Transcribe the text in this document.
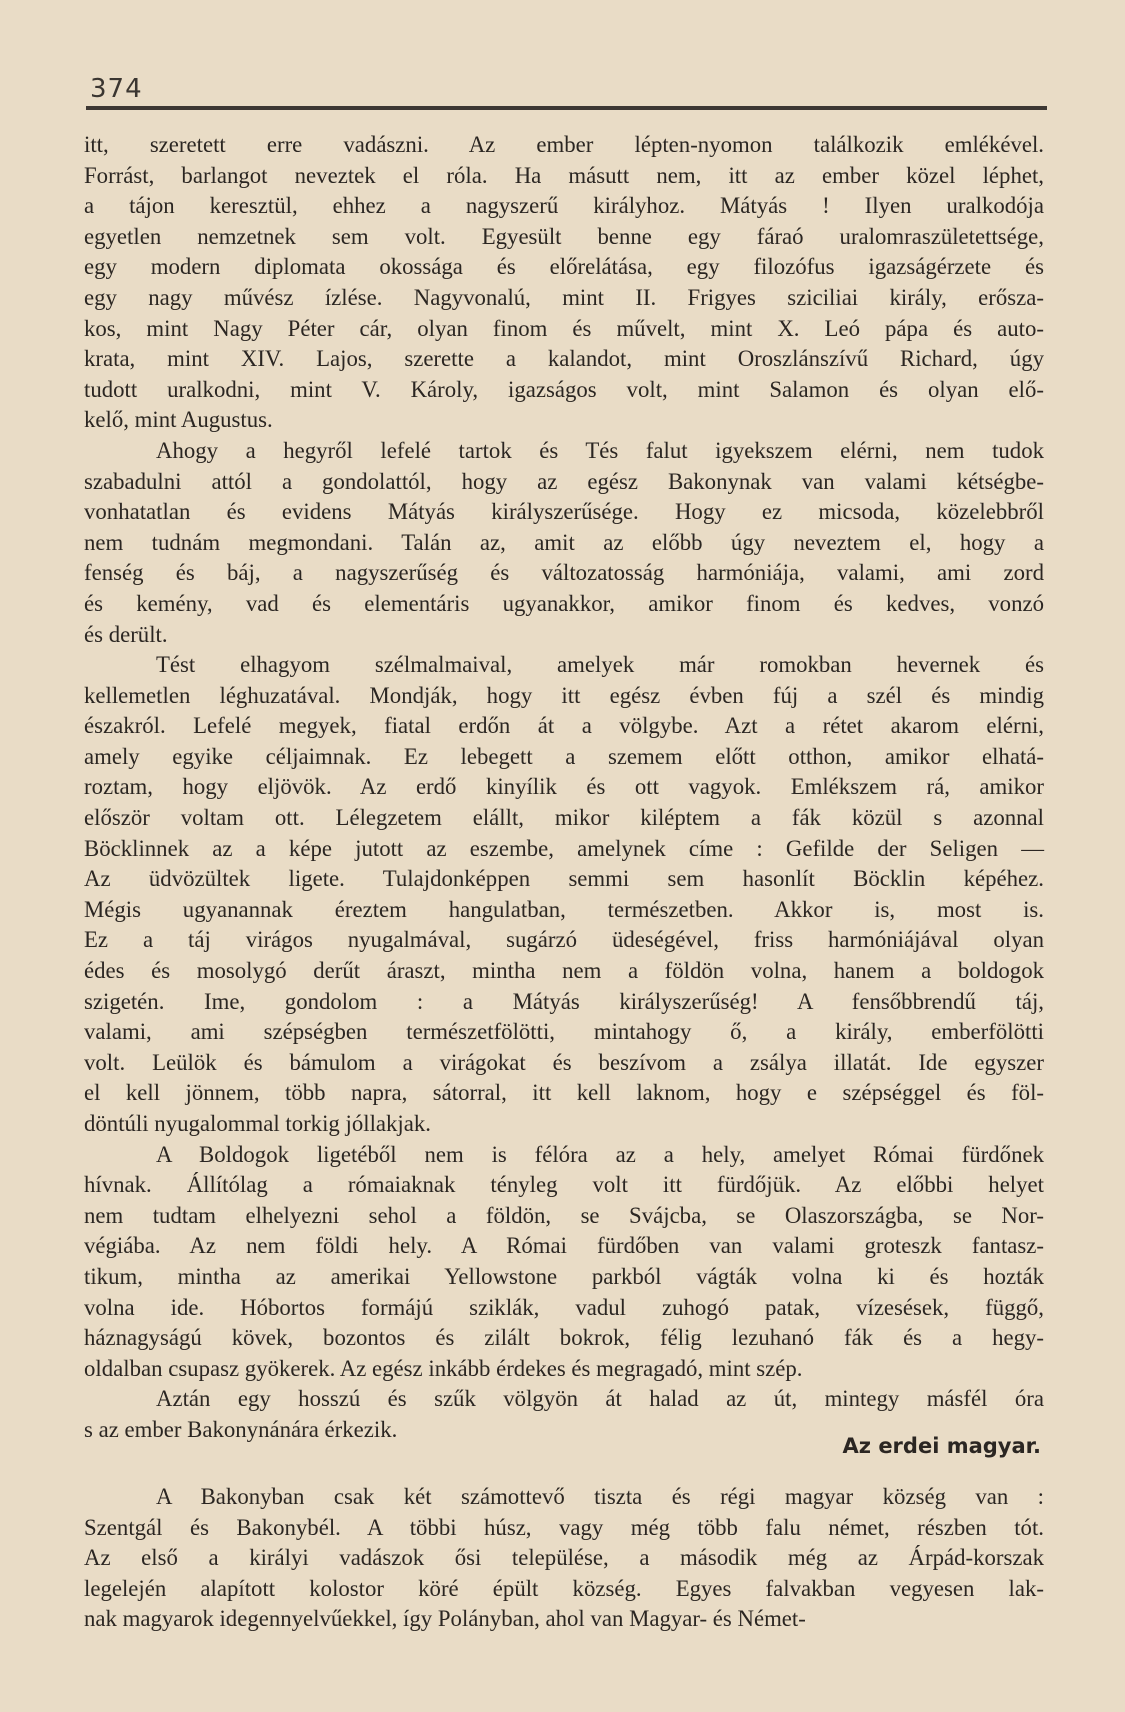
374
itt, szeretett erre vadászni. Az ember lépten-nyomon találkozik emlékével.
Forrást, barlangot neveztek el róla. Ha másutt nem, itt az ember közel léphet,
a tájon keresztül, ehhez a nagyszerű királyhoz. Mátyás ! Ilyen uralkodója
egyetlen nemzetnek sem volt. Egyesült benne egy fáraó uralomraszületettsége,
egy modern diplomata okossága és előrelátása, egy filozófus igazságérzete és
egy nagy művész ízlése. Nagyvonalú, mint II. Frigyes sziciliai király, erősza-
kos, mint Nagy Péter cár, olyan finom és művelt, mint X. Leó pápa és auto-
krata, mint XIV. Lajos, szerette a kalandot, mint Oroszlánszívű Richard, úgy
tudott uralkodni, mint V. Károly, igazságos volt, mint Salamon és olyan elő-
kelő, mint Augustus.
Ahogy a hegyről lefelé tartok és Tés falut igyekszem elérni, nem tudok
szabadulni attól a gondolattól, hogy az egész Bakonynak van valami kétségbe-
vonhatatlan és evidens Mátyás királyszerűsége. Hogy ez micsoda, közelebbről
nem tudnám megmondani. Talán az, amit az előbb úgy neveztem el, hogy a
fenség és báj, a nagyszerűség és változatosság harmóniája, valami, ami zord
és kemény, vad és elementáris ugyanakkor, amikor finom és kedves, vonzó
és derült.
Tést elhagyom szélmalmaival, amelyek már romokban hevernek és
kellemetlen léghuzatával. Mondják, hogy itt egész évben fúj a szél és mindig
északról. Lefelé megyek, fiatal erdőn át a völgybe. Azt a rétet akarom elérni,
amely egyike céljaimnak. Ez lebegett a szemem előtt otthon, amikor elhatá-
roztam, hogy eljövök. Az erdő kinyílik és ott vagyok. Emlékszem rá, amikor
először voltam ott. Lélegzetem elállt, mikor kiléptem a fák közül s azonnal
Böcklinnek az a képe jutott az eszembe, amelynek címe : Gefilde der Seligen —
Az üdvözültek ligete. Tulajdonképpen semmi sem hasonlít Böcklin képéhez.
Mégis ugyanannak éreztem hangulatban, természetben. Akkor is, most is.
Ez a táj virágos nyugalmával, sugárzó üdeségével, friss harmóniájával olyan
édes és mosolygó derűt áraszt, mintha nem a földön volna, hanem a boldogok
szigetén. Ime, gondolom : a Mátyás királyszerűség! A fensőbbrendű táj,
valami, ami szépségben természetfölötti, mintahogy ő, a király, emberfölötti
volt. Leülök és bámulom a virágokat és beszívom a zsálya illatát. Ide egyszer
el kell jönnem, több napra, sátorral, itt kell laknom, hogy e szépséggel és föl-
döntúli nyugalommal torkig jóllakjak.
A Boldogok ligetéből nem is félóra az a hely, amelyet Római fürdőnek
hívnak. Állítólag a rómaiaknak tényleg volt itt fürdőjük. Az előbbi helyet
nem tudtam elhelyezni sehol a földön, se Svájcba, se Olaszországba, se Nor-
végiába. Az nem földi hely. A Római fürdőben van valami groteszk fantasz-
tikum, mintha az amerikai Yellowstone parkból vágták volna ki és hozták
volna ide. Hóbortos formájú sziklák, vadul zuhogó patak, vízesések, függő,
háznagyságú kövek, bozontos és zilált bokrok, félig lezuhanó fák és a hegy-
oldalban csupasz gyökerek. Az egész inkább érdekes és megragadó, mint szép.
Aztán egy hosszú és szűk völgyön át halad az út, mintegy másfél óra
s az ember Bakonynánára érkezik.
Az erdei magyar.
A Bakonyban csak két számottevő tiszta és régi magyar község van :
Szentgál és Bakonybél. A többi húsz, vagy még több falu német, részben tót.
Az első a királyi vadászok ősi települése, a második még az Árpád-korszak
legelején alapított kolostor köré épült község. Egyes falvakban vegyesen lak-
nak magyarok idegennyelvűekkel, így Polányban, ahol van Magyar- és Német-
